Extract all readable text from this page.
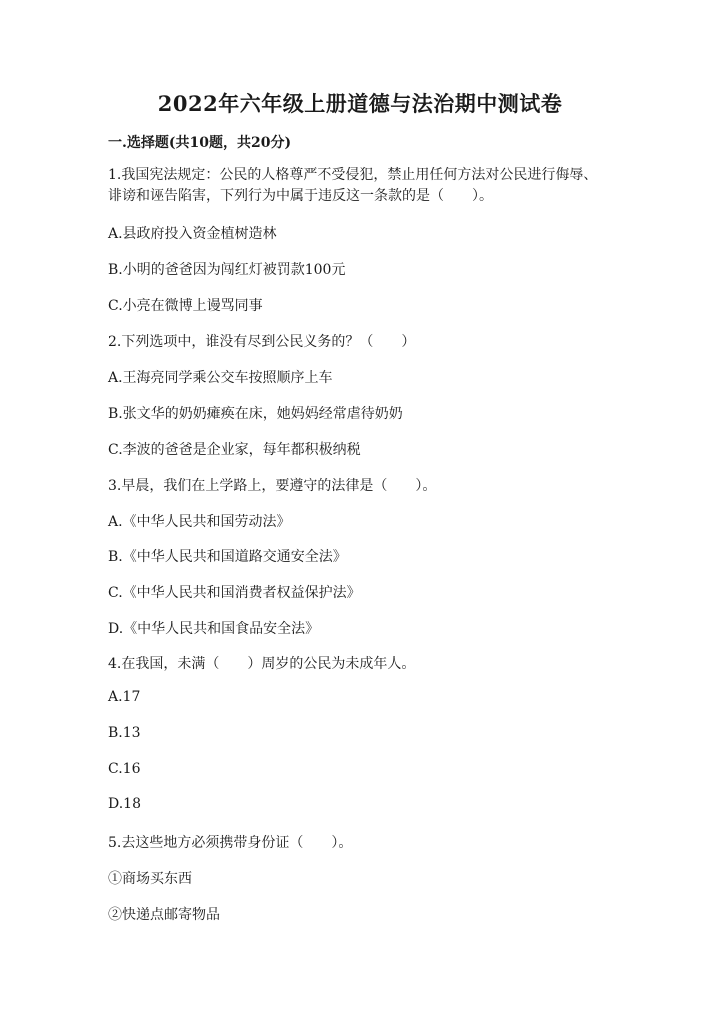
2022年六年级上册道德与法治期中测试卷
一.选择题(共10题，共20分)
1.我国宪法规定：公民的人格尊严不受侵犯，禁止用任何方法对公民进行侮辱、诽谤和诬告陷害，下列行为中属于违反这一条款的是（　　）。
A.县政府投入资金植树造林
B.小明的爸爸因为闯红灯被罚款100元
C.小亮在微博上谩骂同事
2.下列选项中，谁没有尽到公民义务的？（　　）
A.王海亮同学乘公交车按照顺序上车
B.张文华的奶奶瘫痪在床，她妈妈经常虐待奶奶
C.李波的爸爸是企业家，每年都积极纳税
3.早晨，我们在上学路上，要遵守的法律是（　　）。
A.《中华人民共和国劳动法》
B.《中华人民共和国道路交通安全法》
C.《中华人民共和国消费者权益保护法》
D.《中华人民共和国食品安全法》
4.在我国，未满（　　）周岁的公民为未成年人。
A.17
B.13
C.16
D.18
5.去这些地方必须携带身份证（　　）。
①商场买东西
②快递点邮寄物品
